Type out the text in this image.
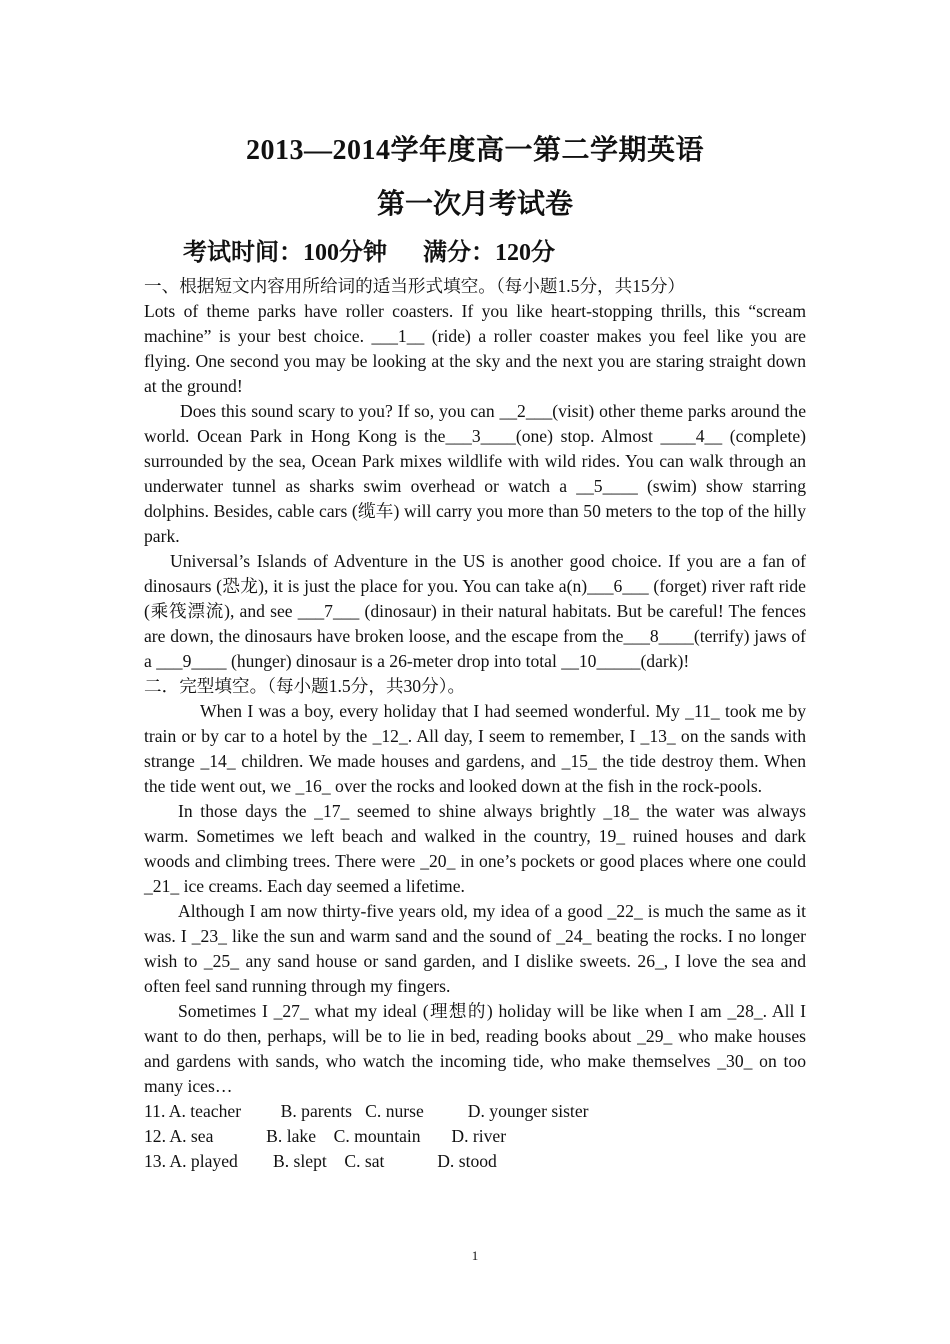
2013—2014学年度高一第二学期英语
第一次月考试卷
考试时间：100分钟 满分：120分
一、根据短文内容用所给词的适当形式填空。（每小题1.5分，共15分）

Lots of theme parks have roller coasters. If you like heart-stopping thrills, this “scream machine” is your best choice. ___1__ (ride) a roller coaster makes you feel like you are flying. One second you may be looking at the sky and the next you are staring straight down at the ground!

Does this sound scary to you? If so, you can __2___(visit) other theme parks around the world. Ocean Park in Hong Kong is the___3____(one) stop. Almost ____4__ (complete) surrounded by the sea, Ocean Park mixes wildlife with wild rides. You can walk through an underwater tunnel as sharks swim overhead or watch a __5____ (swim) show starring dolphins. Besides, cable cars (缆车) will carry you more than 50 meters to the top of the hilly park.

Universal’s Islands of Adventure in the US is another good choice. If you are a fan of dinosaurs (恐龙), it is just the place for you. You can take a(n)___6___ (forget) river raft ride (乘筏漂流), and see ___7___ (dinosaur) in their natural habitats. But be careful! The fences are down, the dinosaurs have broken loose, and the escape from the___8____(terrify) jaws of a ___9____ (hunger) dinosaur is a 26-meter drop into total __10_____(dark)!

二．完型填空。（每小题1.5分，共30分）。

When I was a boy, every holiday that I had seemed wonderful. My _11_ took me by train or by car to a hotel by the _12_. All day, I seem to remember, I _13_ on the sands with strange _14_ children. We made houses and gardens, and _15_ the tide destroy them. When the tide went out, we _16_ over the rocks and looked down at the fish in the rock-pools.

In those days the _17_ seemed to shine always brightly _18_ the water was always warm. Sometimes we left beach and walked in the country, 19_ ruined houses and dark woods and climbing trees. There were _20_ in one’s pockets or good places where one could _21_ ice creams. Each day seemed a lifetime.

Although I am now thirty-five years old, my idea of a good _22_ is much the same as it was. I _23_ like the sun and warm sand and the sound of _24_ beating the rocks. I no longer wish to _25_ any sand house or sand garden, and I dislike sweets. 26_, I love the sea and often feel sand running through my fingers.

Sometimes I _27_ what my ideal (理想的) holiday will be like when I am _28_. All I want to do then, perhaps, will be to lie in bed, reading books about _29_ who make houses and gardens with sands, who watch the incoming tide, who make themselves _30_ on too many ices…

11. A. teacher         B. parents   C. nurse          D. younger sister
12. A. sea            B. lake    C. mountain       D. river
13. A. played        B. slept    C. sat            D. stood
1
